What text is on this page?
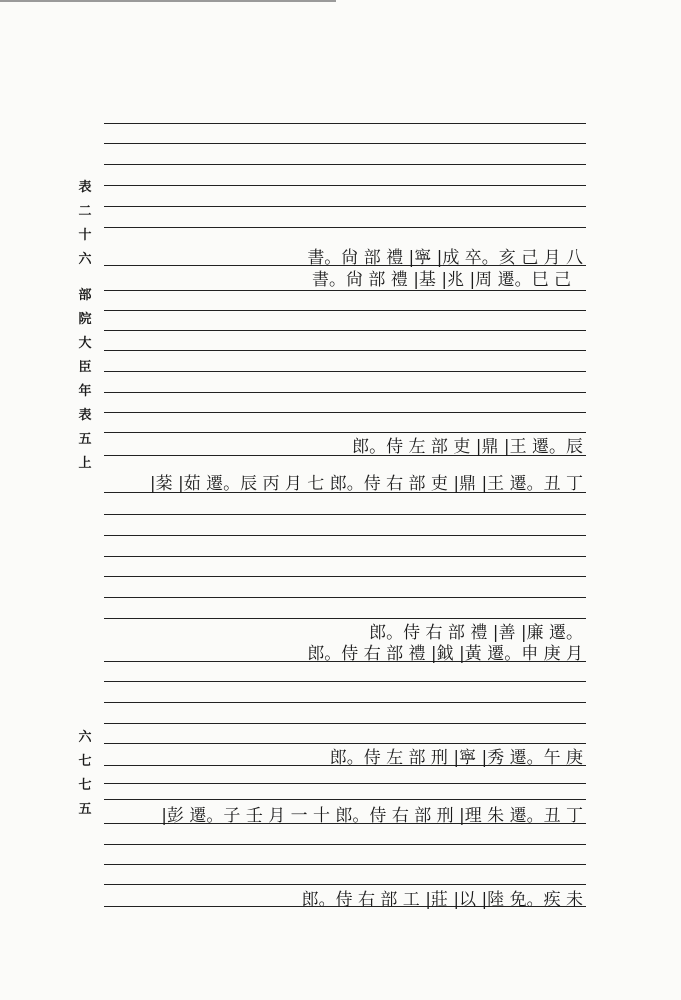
表二十六
部院大臣年表五上
六七七五
書。尙 部 禮 |寧 |成 卒。亥 己 月 八
書。尙 部 禮 |基 |兆 |周 遷。巳 己
郎。侍 左 部 吏 |鼎 |王 遷。辰
|棻 |茹 遷。辰 丙 月 七 郎。侍 右 部 吏 |鼎 |王 遷。丑 丁
郎。侍 右 部 禮 |善 |廉 遷。
郎。侍 右 部 禮 |鉞 |黃 遷。申 庚 月
郎。侍 左 部 刑 |寧 |秀 遷。午 庚
|彭 遷。子 壬 月 一 十 郎。侍 右 部 刑 |理 朱 遷。丑 丁
郎。侍 右 部 工 |莊 |以 |陸 免。疾 未
